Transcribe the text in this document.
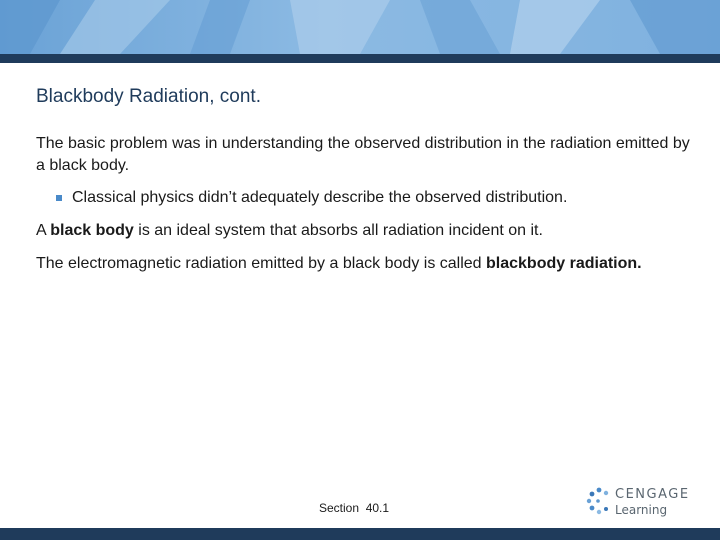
Blackbody Radiation, cont.

The basic problem was in understanding the observed distribution in the radiation emitted by a black body.

Classical physics didn’t adequately describe the observed distribution.

A black body is an ideal system that absorbs all radiation incident on it.

The electromagnetic radiation emitted by a black body is called blackbody radiation.

Section  40.1
CENGAGE
Learning
